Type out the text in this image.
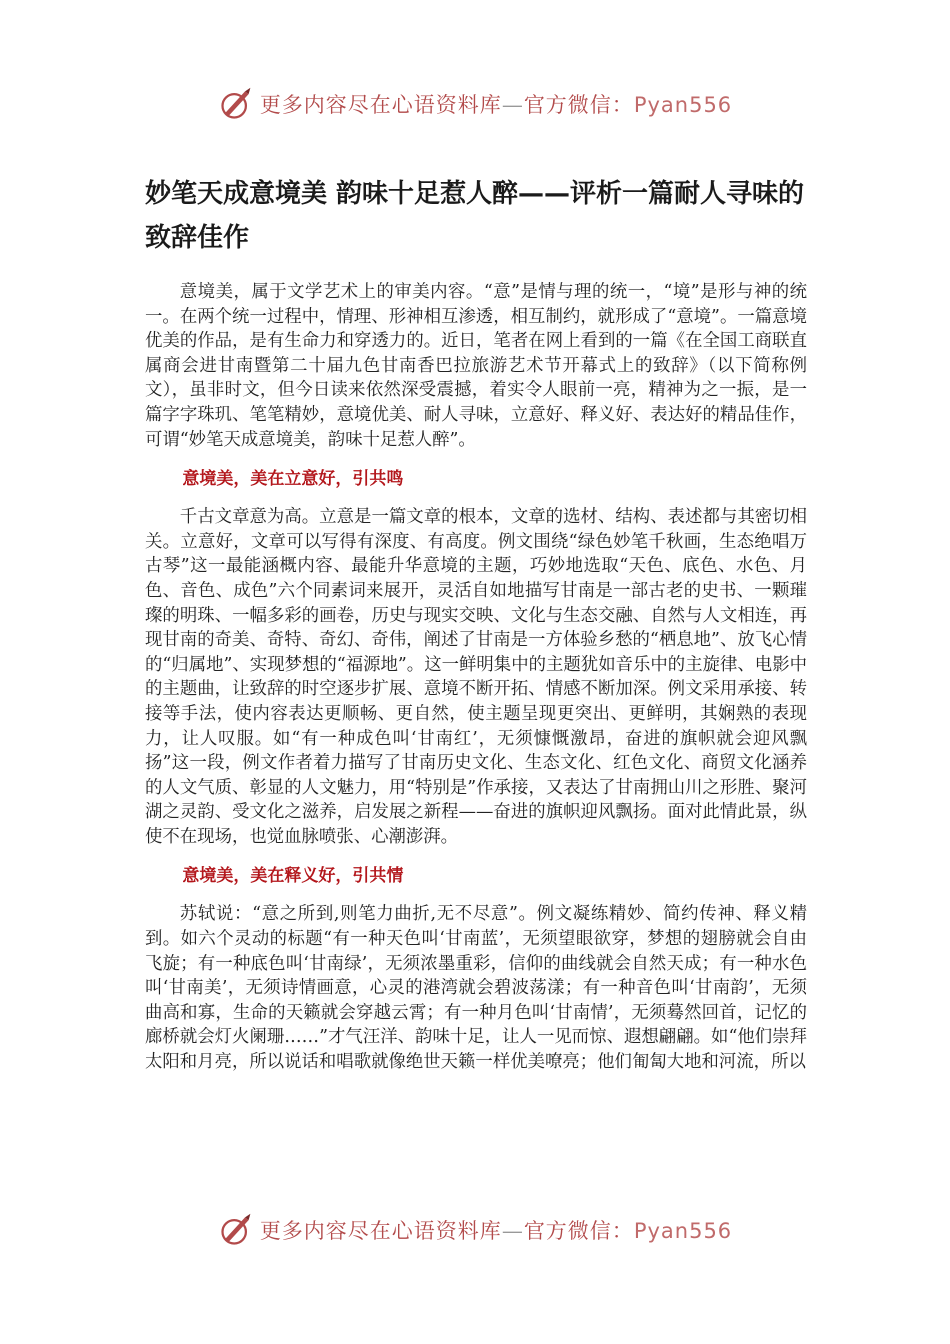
更多内容尽在心语资料库—官方微信：Pyan556
妙笔天成意境美 韵味十足惹人醉——评析一篇耐人寻味的致辞佳作

意境美，属于文学艺术上的审美内容。“意”是情与理的统一，“境”是形与神的统一。在两个统一过程中，情理、形神相互渗透，相互制约，就形成了“意境”。一篇意境优美的作品，是有生命力和穿透力的。近日，笔者在网上看到的一篇《在全国工商联直属商会进甘南暨第二十届九色甘南香巴拉旅游艺术节开幕式上的致辞》（以下简称例文），虽非时文，但今日读来依然深受震撼，着实令人眼前一亮，精神为之一振，是一篇字字珠玑、笔笔精妙，意境优美、耐人寻味，立意好、释义好、表达好的精品佳作，可谓“妙笔天成意境美，韵味十足惹人醉”。

意境美，美在立意好，引共鸣

千古文章意为高。立意是一篇文章的根本，文章的选材、结构、表述都与其密切相关。立意好，文章可以写得有深度、有高度。例文围绕“绿色妙笔千秋画，生态绝唱万古琴”这一最能涵概内容、最能升华意境的主题，巧妙地选取“天色、底色、水色、月色、音色、成色”六个同素词来展开，灵活自如地描写甘南是一部古老的史书、一颗璀璨的明珠、一幅多彩的画卷，历史与现实交映、文化与生态交融、自然与人文相连，再现甘南的奇美、奇特、奇幻、奇伟，阐述了甘南是一方体验乡愁的“栖息地”、放飞心情的“归属地”、实现梦想的“福源地”。这一鲜明集中的主题犹如音乐中的主旋律、电影中的主题曲，让致辞的时空逐步扩展、意境不断开拓、情感不断加深。例文采用承接、转接等手法，使内容表达更顺畅、更自然，使主题呈现更突出、更鲜明，其娴熟的表现力，让人叹服。如“有一种成色叫‘甘南红’，无须慷慨激昂，奋进的旗帜就会迎风飘扬”这一段，例文作者着力描写了甘南历史文化、生态文化、红色文化、商贸文化涵养的人文气质、彰显的人文魅力，用“特别是”作承接，又表达了甘南拥山川之形胜、聚河湖之灵韵、受文化之滋养，启发展之新程——奋进的旗帜迎风飘扬。面对此情此景，纵使不在现场，也觉血脉喷张、心潮澎湃。

意境美，美在释义好，引共情

苏轼说：“意之所到,则笔力曲折,无不尽意”。例文凝练精妙、简约传神、释义精到。如六个灵动的标题“有一种天色叫‘甘南蓝’，无须望眼欲穿，梦想的翅膀就会自由飞旋；有一种底色叫‘甘南绿’，无须浓墨重彩，信仰的曲线就会自然天成；有一种水色叫‘甘南美’，无须诗情画意，心灵的港湾就会碧波荡漾；有一种音色叫‘甘南韵’，无须曲高和寡，生命的天籁就会穿越云霄；有一种月色叫‘甘南情’，无须蓦然回首，记忆的廊桥就会灯火阑珊……”才气汪洋、韵味十足，让人一见而惊、遐想翩翩。如“他们崇拜太阳和月亮，所以说话和唱歌就像绝世天籁一样优美嘹亮；他们匍匐大地和河流，所以

更多内容尽在心语资料库—官方微信：Pyan556
